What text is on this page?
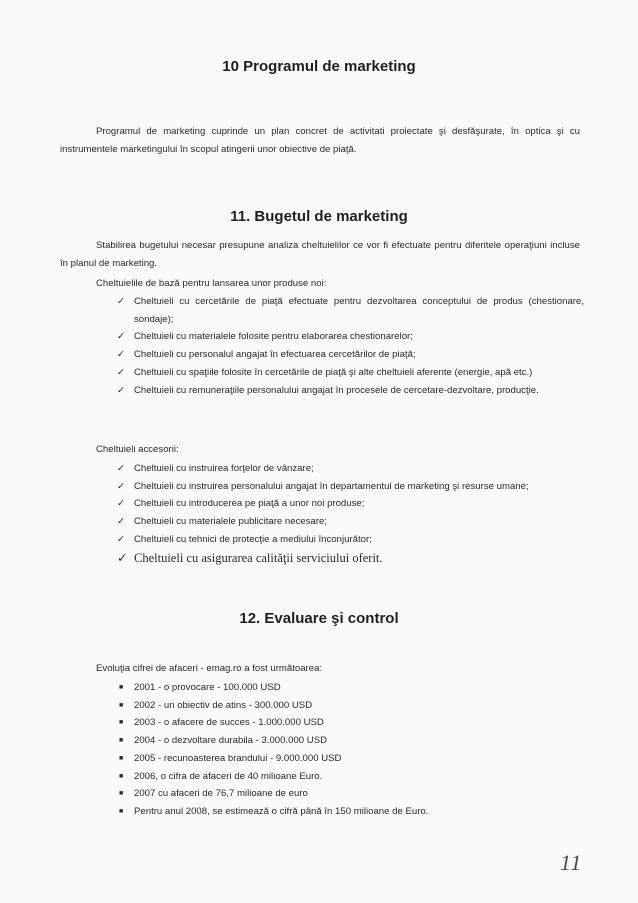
10 Programul de marketing

Programul de marketing cuprinde un plan concret de activitati proiectate şi desfăşurate, în optica şi cu instrumentele marketingului în scopul atingerii unor obiective de piaţă.

11. Bugetul de marketing

Stabilirea bugetului necesar presupune analiza cheltuielilor ce vor fi efectuate pentru diferitele operaţiuni incluse în planul de marketing.

Cheltuielile de bază pentru lansarea unor produse noi:

✓ Cheltuieli cu cercetările de piaţă efectuate pentru dezvoltarea conceptului de produs (chestionare, sondaje);
✓ Cheltuieli cu materialele folosite pentru elaborarea chestionarelor;
✓ Cheltuieli cu personalul angajat în efectuarea cercetărilor de piaţă;
✓ Cheltuieli cu spaţiile folosite în cercetările de piaţă şi alte cheltuieli aferente (energie, apă etc.)
✓ Cheltuieli cu remuneraţiile personalului angajat în procesele de cercetare-dezvoltare, producţie.

Cheltuieli accesorii:

✓ Cheltuieli cu instruirea forţelor de vânzare;
✓ Cheltuieli cu instruirea personalului angajat în departamentul de marketing şi resurse umane;
✓ Cheltuieli cu introducerea pe piaţă a unor noi produse;
✓ Cheltuieli cu materialele publicitare necesare;
✓ Cheltuieli cu tehnici de protecţie a mediului înconjurător;
✓ Cheltuieli cu asigurarea calităţii serviciului oferit.
12. Evaluare şi control

Evoluţia cifrei de afaceri - emag.ro a fost următoarea:

■ 2001 - o provocare - 100.000 USD
■ 2002 - un obiectiv de atins - 300.000 USD
■ 2003 - o afacere de succes - 1.000.000 USD
■ 2004 - o dezvoltare durabila - 3.000.000 USD
■ 2005 - recunoasterea brandului - 9.000.000 USD
■ 2006, o cifra de afaceri de 40 milioane Euro.
■ 2007 cu afaceri de 76,7 milioane de euro
■ Pentru anul 2008, se estimează o cifră până în 150 milioane de Euro.
11
